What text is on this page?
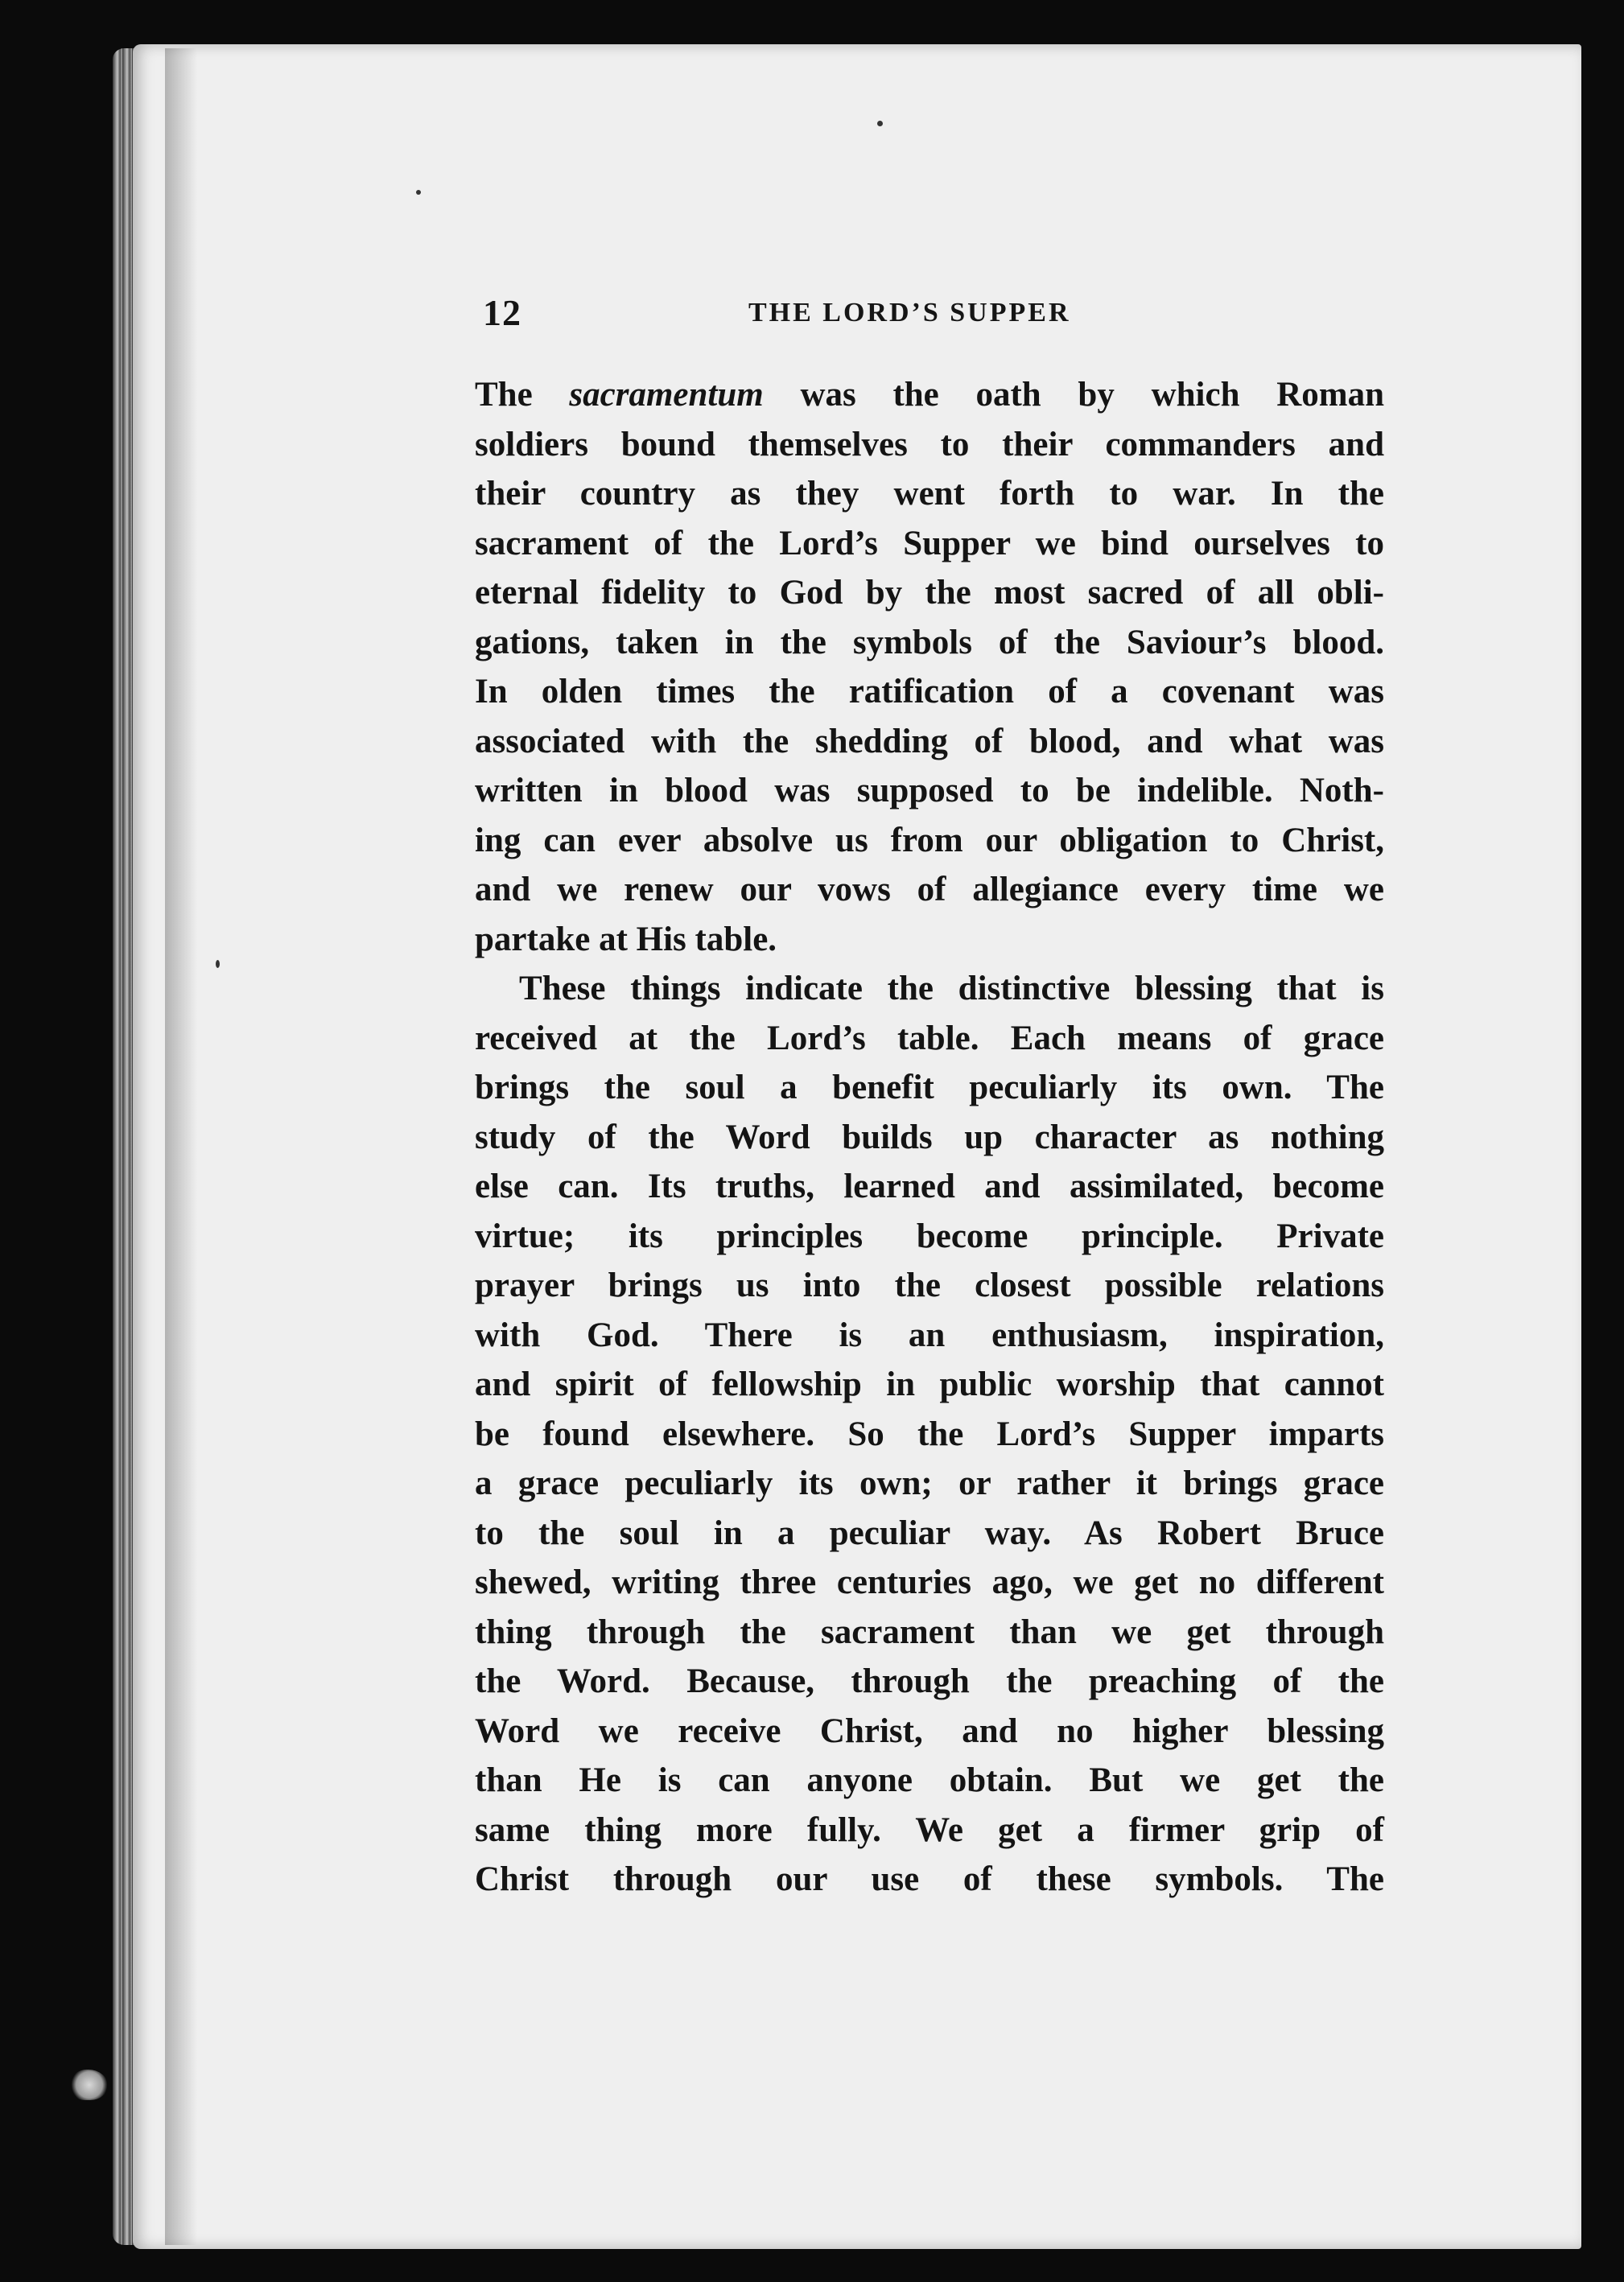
12	THE LORD’S SUPPER
The sacramentum was the oath by which Roman
soldiers bound themselves to their commanders and
their country as they went forth to war. In the
sacrament of the Lord’s Supper we bind ourselves to
eternal fidelity to God by the most sacred of all obli-
gations, taken in the symbols of the Saviour’s blood.
In olden times the ratification of a covenant was
associated with the shedding of blood, and what was
written in blood was supposed to be indelible. Noth-
ing can ever absolve us from our obligation to Christ,
and we renew our vows of allegiance every time we
partake at His table.
These things indicate the distinctive blessing that is
received at the Lord’s table. Each means of grace
brings the soul a benefit peculiarly its own. The
study of the Word builds up character as nothing
else can. Its truths, learned and assimilated, become
virtue; its principles become principle. Private
prayer brings us into the closest possible relations
with God. There is an enthusiasm, inspiration,
and spirit of fellowship in public worship that cannot
be found elsewhere. So the Lord’s Supper imparts
a grace peculiarly its own; or rather it brings grace
to the soul in a peculiar way. As Robert Bruce
shewed, writing three centuries ago, we get no different
thing through the sacrament than we get through
the Word. Because, through the preaching of the
Word we receive Christ, and no higher blessing
than He is can anyone obtain. But we get the
same thing more fully. We get a firmer grip of
Christ through our use of these symbols. The
